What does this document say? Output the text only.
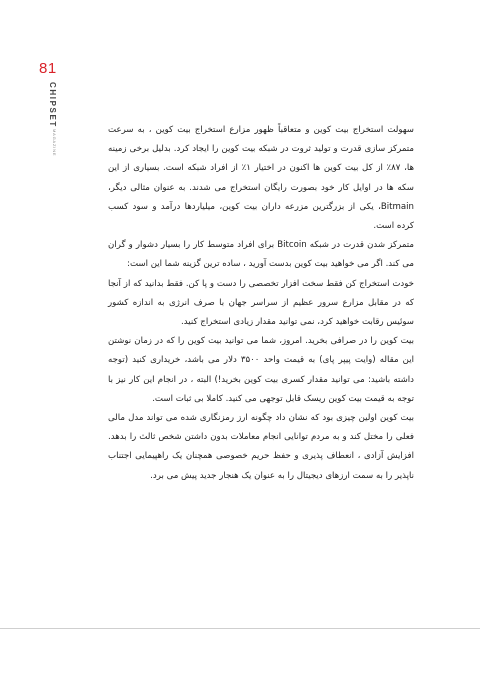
81
CHIPSET
MAGAZINE	سهولت استخراج بیت کوین و متعاقباً ظهور مزارع استخراج بیت کوین ، به سرعت متمرکز سازی قدرت و تولید ثروت در شبکه بیت کوین را ایجاد کرد. بدلیل برخی زمینه ها، ۸۷٪ از کل بیت کوین ها اکنون در اختیار ۱٪ از افراد شبکه است. بسیاری از این سکه ها در اوایل کار خود بصورت رایگان استخراج می شدند. به عنوان مثالی دیگر، Bitmain، یکی از بزرگترین مزرعه داران بیت کوین، میلیاردها درآمد و سود کسب کرده است.

متمرکز شدن قدرت در شبکه Bitcoin برای افراد متوسط کار را بسیار دشوار و گران می کند. اگر می خواهید بیت کوین بدست آورید ، ساده ترین گزینه شما این است:

خودت استخراج کن فقط سخت افزار تخصصی را دست و پا کن. فقط بدانید که از آنجا که در مقابل مزارع سرور عظیم از سراسر جهان با صرف انرژی به اندازه کشور سوئیس رقابت خواهید کرد، نمی توانید مقدار زیادی استخراج کنید.

بیت کوین را در صرافی بخرید. امروز، شما می توانید بیت کوین را که در زمان نوشتن این مقاله (وایت پیپر پای) به قیمت واحد ۳۵۰۰ دلار می باشد، خریداری کنید (توجه داشته باشید: می توانید مقدار کسری بیت کوین بخرید!) البته ، در انجام این کار نیز با توجه به قیمت بیت کوین ریسک قابل توجهی می کنید. کاملا بی ثبات است.

بیت کوین اولین چیزی بود که نشان داد چگونه ارز رمزنگاری شده می تواند مدل مالی فعلی را مختل کند و به مردم توانایی انجام معاملات بدون داشتن شخص ثالث را بدهد. افزایش آزادی ، انعطاف پذیری و حفظ حریم خصوصی همچنان یک راهپیمایی اجتناب ناپذیر را به سمت ارزهای دیجیتال را به عنوان یک هنجار جدید پیش می برد.
